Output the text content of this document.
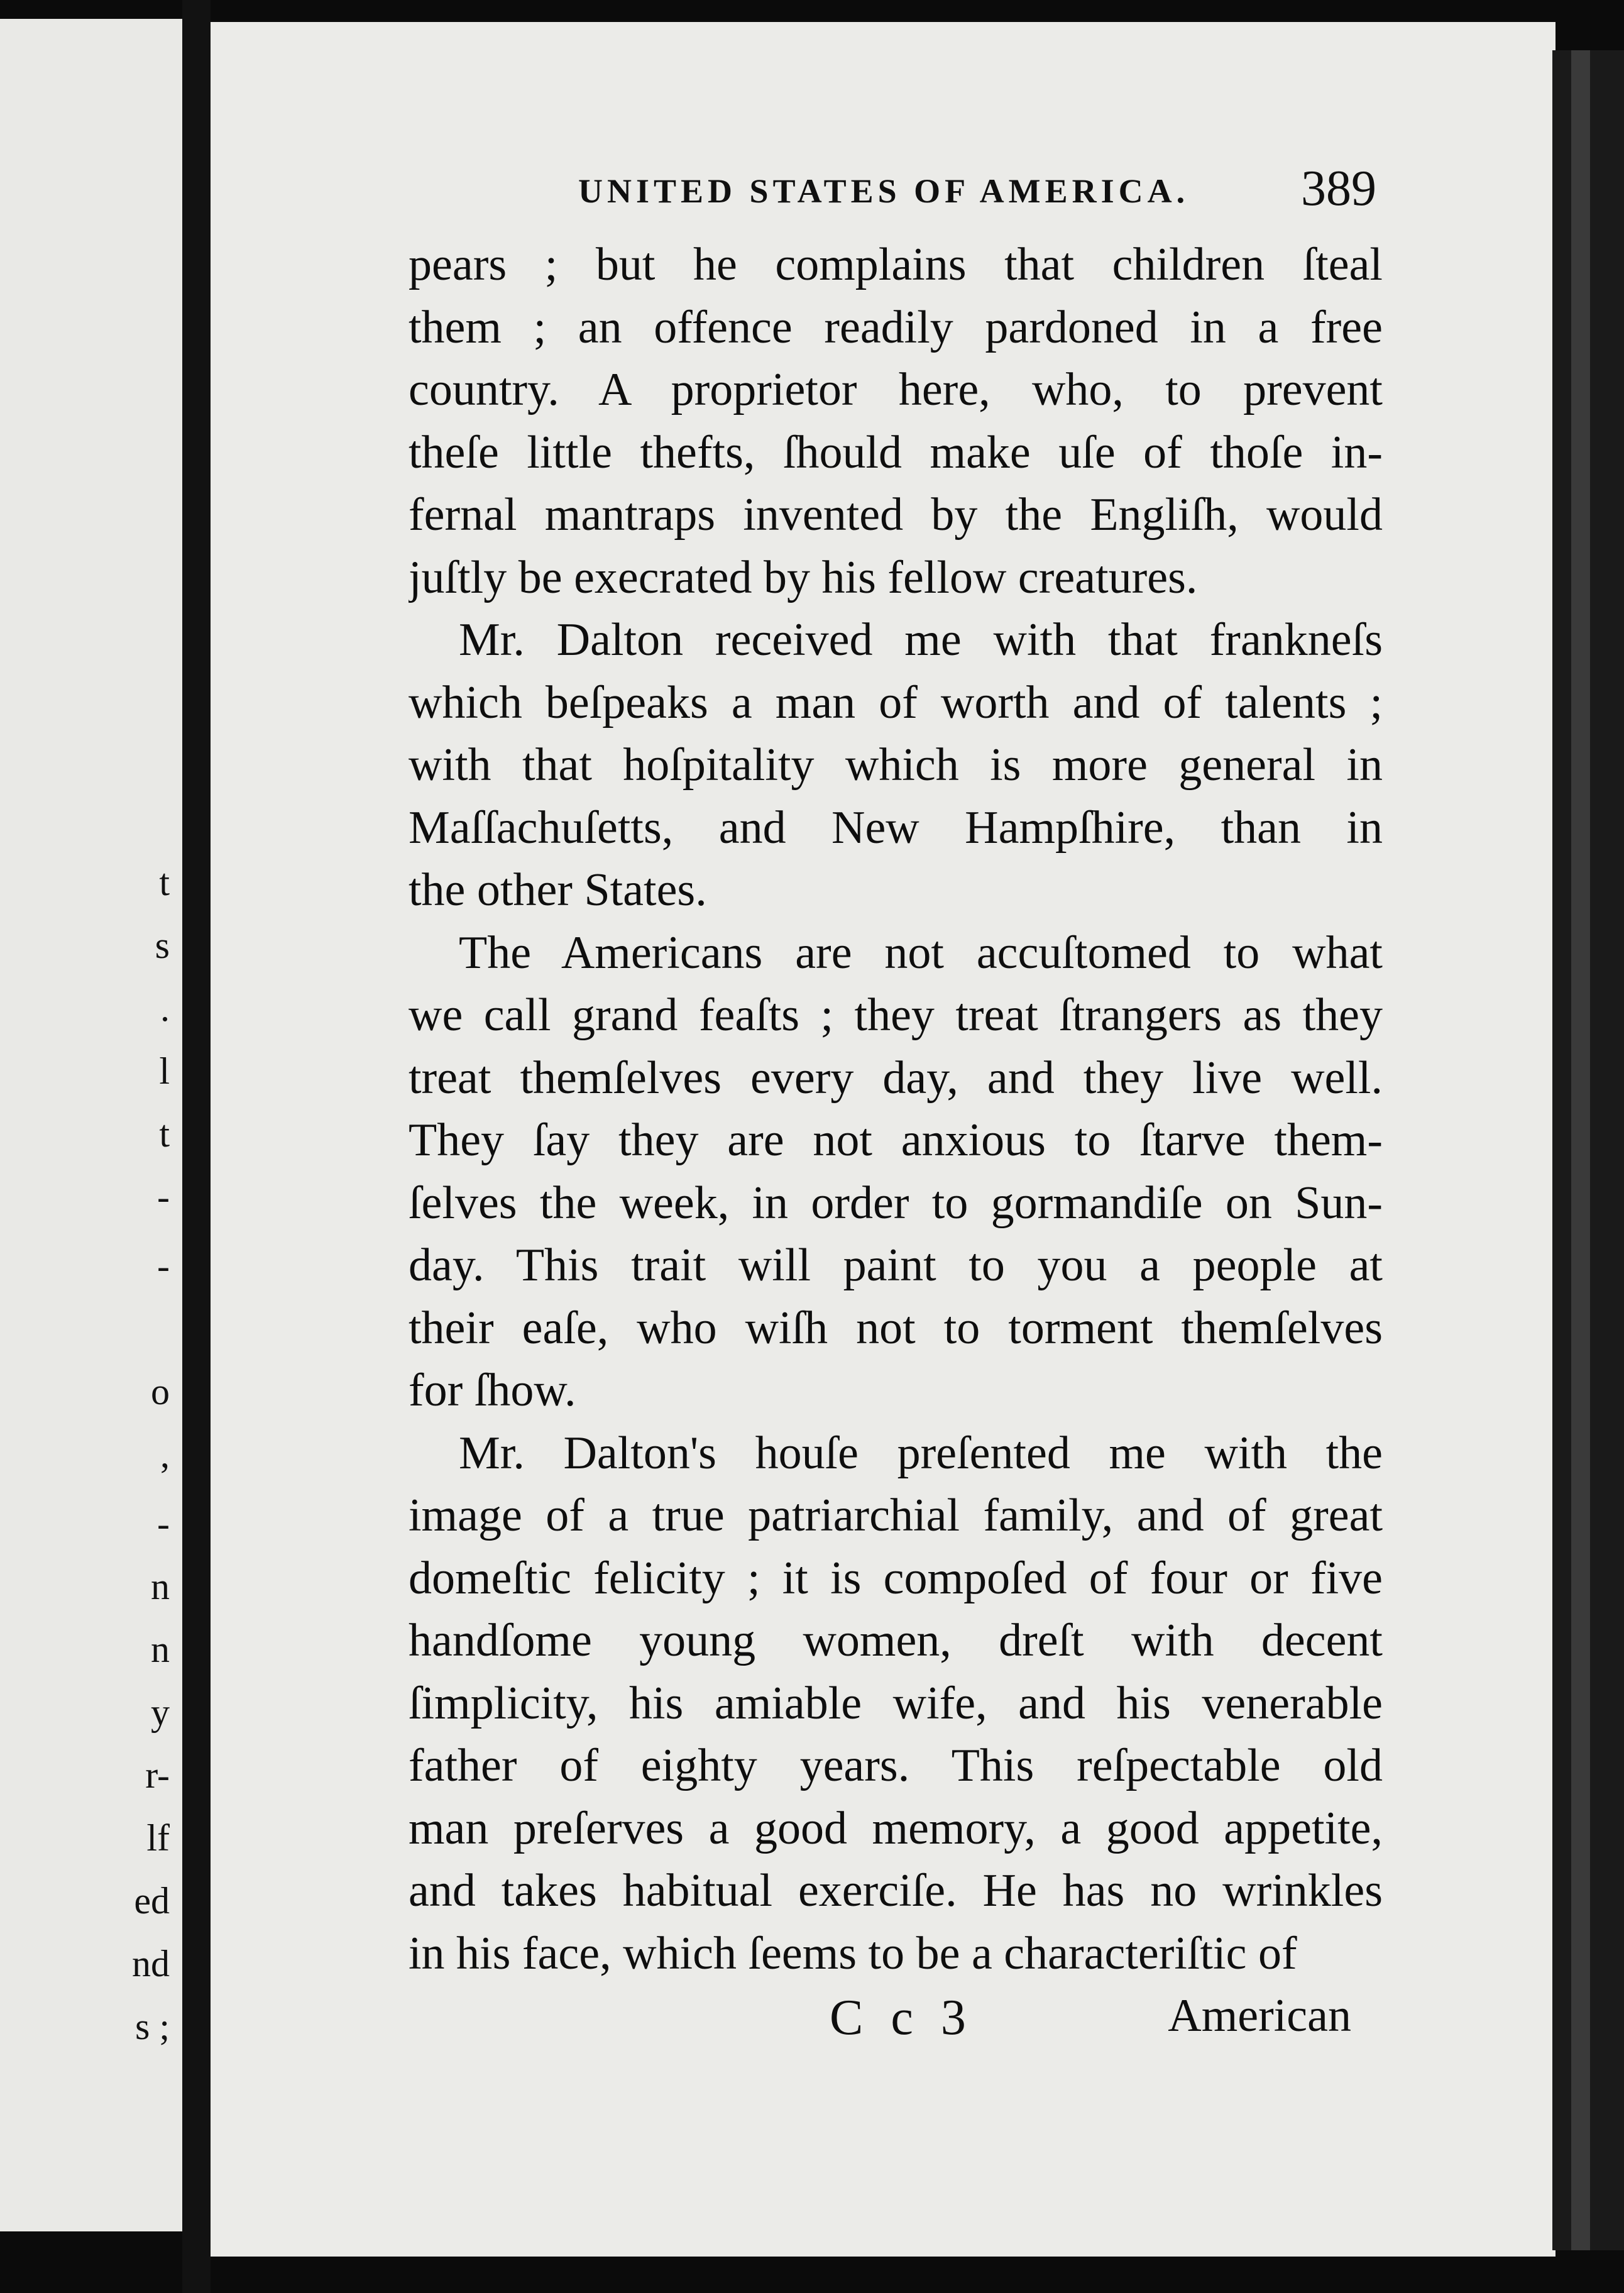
t
s
.
l
t
-
-
o
,
-
n
n
y
r-
lf
ed
nd
s ;
UNITED STATES OF AMERICA. 389
pears ; but he complains that children ſteal
them ; an offence readily pardoned in a free
country. A proprietor here, who, to prevent
theſe little thefts, ſhould make uſe of thoſe in-
fernal mantraps invented by the Engliſh, would
juſtly be execrated by his fellow creatures.
Mr. Dalton received me with that frankneſs
which beſpeaks a man of worth and of talents ;
with that hoſpitality which is more general in
Maſſachuſetts, and New Hampſhire, than in
the other States.
The Americans are not accuſtomed to what
we call grand feaſts ; they treat ſtrangers as they
treat themſelves every day, and they live well.
They ſay they are not anxious to ſtarve them-
ſelves the week, in order to gormandiſe on Sun-
day. This trait will paint to you a people at
their eaſe, who wiſh not to torment themſelves
for ſhow.
Mr. Dalton's houſe preſented me with the
image of a true patriarchial family, and of great
domeſtic felicity ; it is compoſed of four or five
handſome young women, dreſt with decent
ſimplicity, his amiable wife, and his venerable
father of eighty years. This reſpectable old
man preſerves a good memory, a good appetite,
and takes habitual exerciſe. He has no wrinkles
in his face, which ſeems to be a characteriſtic of
C c 3	American
